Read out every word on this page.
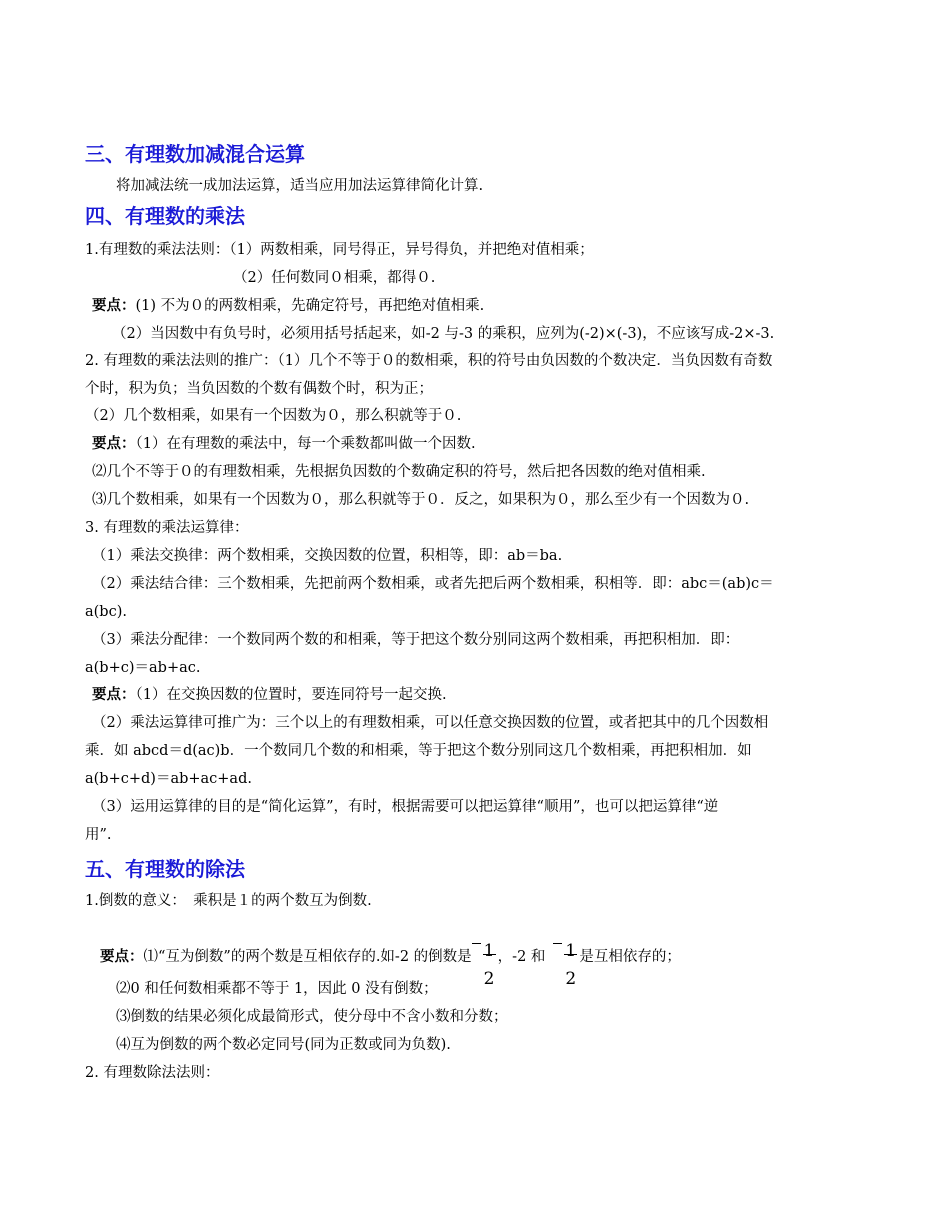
三、有理数加减混合运算
将加减法统一成加法运算，适当应用加法运算律简化计算.
四、有理数的乘法
1.有理数的乘法法则：（1）两数相乘，同号得正，异号得负，并把绝对值相乘；
（2）任何数同０相乘，都得０.
要点：(1) 不为０的两数相乘，先确定符号，再把绝对值相乘.
（2）当因数中有负号时，必须用括号括起来，如-2 与-3 的乘积，应列为(-2)×(-3)，不应该写成-2×-3.
2. 有理数的乘法法则的推广：（1）几个不等于０的数相乘，积的符号由负因数的个数决定．当负因数有奇数
个时，积为负；当负因数的个数有偶数个时，积为正；
（2）几个数相乘，如果有一个因数为０，那么积就等于０.
要点：（1）在有理数的乘法中，每一个乘数都叫做一个因数.
⑵几个不等于０的有理数相乘，先根据负因数的个数确定积的符号，然后把各因数的绝对值相乘.
⑶几个数相乘，如果有一个因数为０，那么积就等于０．反之，如果积为０，那么至少有一个因数为０.
3. 有理数的乘法运算律：
（1）乘法交换律：两个数相乘，交换因数的位置，积相等，即：ab＝ba.
（2）乘法结合律：三个数相乘，先把前两个数相乘，或者先把后两个数相乘，积相等．即：abc＝(ab)c＝
a(bc).
（3）乘法分配律：一个数同两个数的和相乘，等于把这个数分别同这两个数相乘，再把积相加．即：
a(b+c)＝ab+ac.
要点：（1）在交换因数的位置时，要连同符号一起交换.
（2）乘法运算律可推广为：三个以上的有理数相乘，可以任意交换因数的位置，或者把其中的几个因数相
乘．如 abcd＝d(ac)b．一个数同几个数的和相乘，等于把这个数分别同这几个数相乘，再把积相加．如
a(b+c+d)＝ab+ac+ad.
（3）运用运算律的目的是“简化运算”，有时，根据需要可以把运算律“顺用”，也可以把运算律“逆
用”.
五、有理数的除法
1.倒数的意义：　乘积是１的两个数互为倒数.
要点：⑴“互为倒数”的两个数是互相依存的.如-2 的倒数是 1
2
，-2 和 1
2
是互相依存的；
⑵0 和任何数相乘都不等于 1，因此 0 没有倒数；
⑶倒数的结果必须化成最简形式，使分母中不含小数和分数；
⑷互为倒数的两个数必定同号(同为正数或同为负数).
2. 有理数除法法则：
